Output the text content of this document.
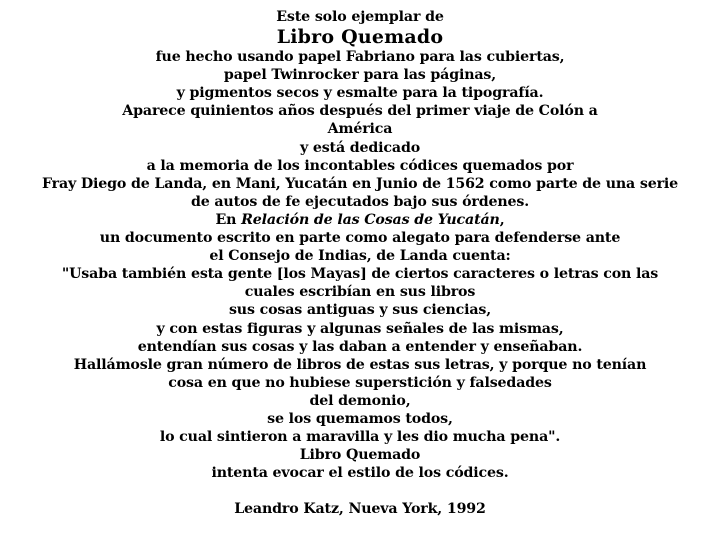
Este solo ejemplar de
Libro Quemado
fue hecho usando papel Fabriano para las cubiertas,
papel Twinrocker para las páginas,
y pigmentos secos y esmalte para la tipografía.
Aparece quinientos años después del primer viaje de Colón a
América
y está dedicado
a la memoria de los incontables códices quemados por
Fray Diego de Landa, en Mani, Yucatán en Junio de 1562 como parte de una serie
de autos de fe ejecutados bajo sus órdenes.
En Relación de las Cosas de Yucatán,
un documento escrito en parte como alegato para defenderse ante
el Consejo de Indias, de Landa cuenta:
"Usaba también esta gente [los Mayas] de ciertos caracteres o letras con las
cuales escribían en sus libros
sus cosas antiguas y sus ciencias,
y con estas figuras y algunas señales de las mismas,
entendían sus cosas y las daban a entender y enseñaban.
Hallámosle gran número de libros de estas sus letras, y porque no tenían
cosa en que no hubiese superstición y falsedades
del demonio,
se los quemamos todos,
lo cual sintieron a maravilla y les dio mucha pena".
Libro Quemado
intenta evocar el estilo de los códices.
Leandro Katz, Nueva York, 1992
